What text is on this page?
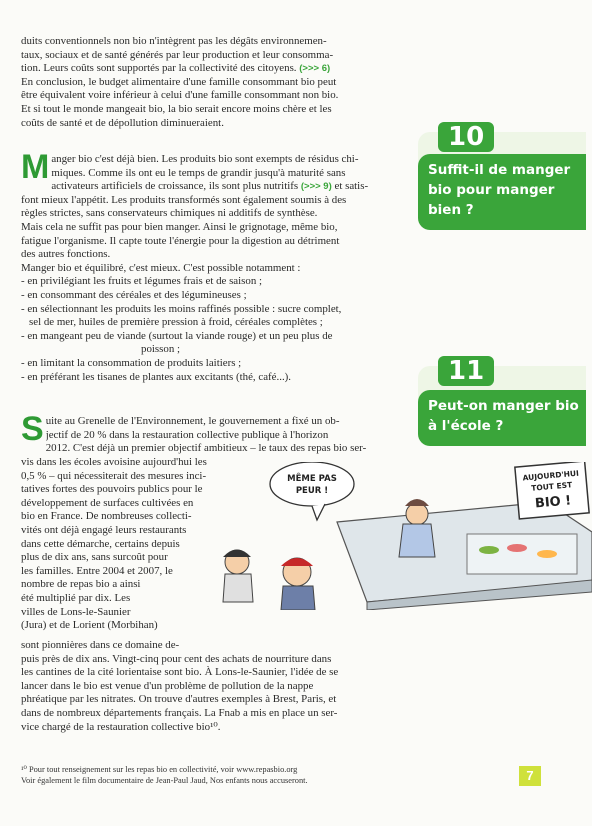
duits conventionnels non bio n'intègrent pas les dégâts environnemen-
taux, sociaux et de santé générés par leur production et leur consomma-
tion. Leurs coûts sont supportés par la collectivité des citoyens. (>>> 6)
En conclusion, le budget alimentaire d'une famille consommant bio peut
être équivalent voire inférieur à celui d'une famille consommant non bio.
Et si tout le monde mangeait bio, la bio serait encore moins chère et les
coûts de santé et de dépollution diminueraient.
M anger bio c'est déjà bien. Les produits bio sont exempts de résidus chi-
miques. Comme ils ont eu le temps de grandir jusqu'à maturité sans
activateurs artificiels de croissance, ils sont plus nutritifs (>>> 9) et satis-
font mieux l'appétit. Les produits transformés sont également soumis à des
règles strictes, sans conservateurs chimiques ni additifs de synthèse.
Mais cela ne suffit pas pour bien manger. Ainsi le grignotage, même bio,
fatigue l'organisme. Il capte toute l'énergie pour la digestion au détriment
des autres fonctions.
Manger bio et équilibré, c'est mieux. C'est possible notamment :
- en privilégiant les fruits et légumes frais et de saison ;
- en consommant des céréales et des légumineuses ;
- en sélectionnant les produits les moins raffinés possible : sucre complet,
sel de mer, huiles de première pression à froid, céréales complètes ;
- en mangeant peu de viande (surtout la viande rouge) et un peu plus de
poisson ;
- en limitant la consommation de produits laitiers ;
- en préférant les tisanes de plantes aux excitants (thé, café...).
10
Suffit-il de manger bio pour manger bien ?
11
Peut-on manger bio à l'école ?
S uite au Grenelle de l'Environnement, le gouvernement a fixé un ob-
jectif de 20 % dans la restauration collective publique à l'horizon
2012. C'est déjà un premier objectif ambitieux – le taux des repas bio ser-
vis dans les écoles avoisine aujourd'hui les
0,5 % – qui nécessiterait des mesures inci-
tatives fortes des pouvoirs publics pour le
développement de surfaces cultivées en
bio en France. De nombreuses collecti-
vités ont déjà engagé leurs restaurants
dans cette démarche, certains depuis
plus de dix ans, sans surcoût pour
les familles. Entre 2004 et 2007, le
nombre de repas bio a ainsi
été multiplié par dix. Les
villes de Lons-le-Saunier
(Jura) et de Lorient (Morbihan)
sont pionnières dans ce domaine de-
puis près de dix ans. Vingt-cinq pour cent des achats de nourriture dans
les cantines de la cité lorientaise sont bio. À Lons-le-Saunier, l'idée de se
lancer dans le bio est venue d'un problème de pollution de la nappe
phréatique par les nitrates. On trouve d'autres exemples à Brest, Paris, et
dans de nombreux départements français. La Fnab a mis en place un ser-
vice chargé de la restauration collective bio¹⁰.
AUJOURD'HUI
TOUT EST
BIO !
MÊME PAS
PEUR !
¹⁰ Pour tout renseignement sur les repas bio en collectivité, voir www.repasbio.org
Voir également le film documentaire de Jean-Paul Jaud, Nos enfants nous accuseront.	7
